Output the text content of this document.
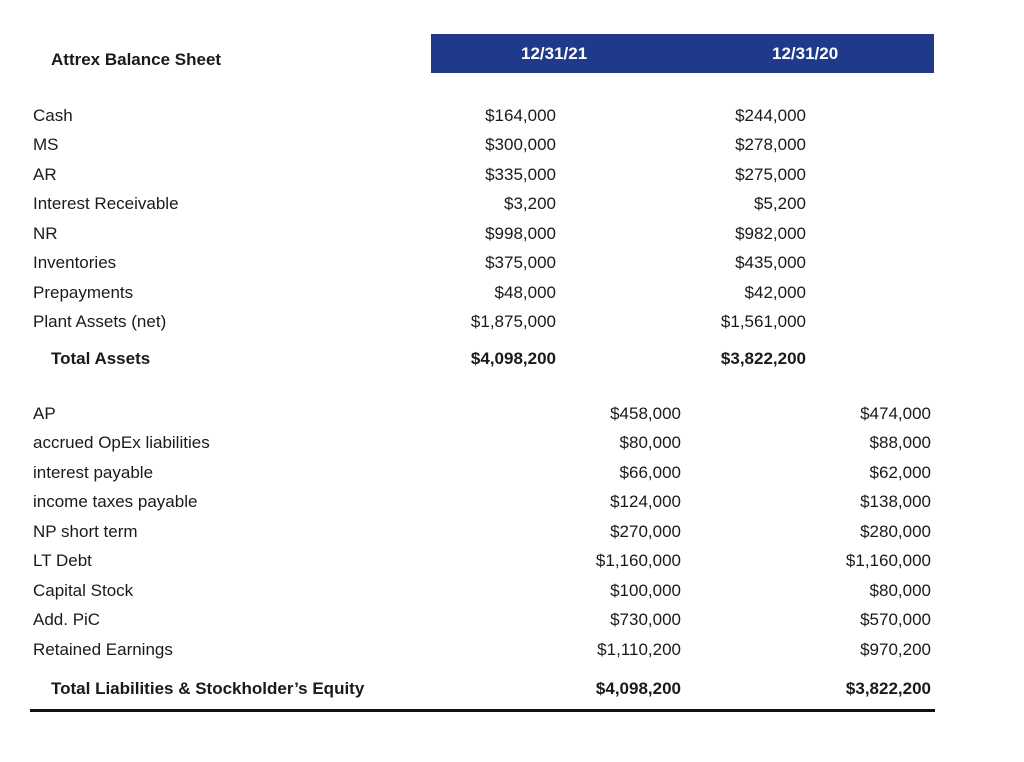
Attrex Balance Sheet	12/31/21	12/31/20
Cash	$164,000	$244,000
MS	$300,000	$278,000
AR	$335,000	$275,000
Interest Receivable	$3,200	$5,200
NR	$998,000	$982,000
Inventories	$375,000	$435,000
Prepayments	$48,000	$42,000
Plant Assets (net)	$1,875,000	$1,561,000
Total Assets	$4,098,200	$3,822,200
AP	$458,000	$474,000
accrued OpEx liabilities	$80,000	$88,000
interest payable	$66,000	$62,000
income taxes payable	$124,000	$138,000
NP short term	$270,000	$280,000
LT Debt	$1,160,000	$1,160,000
Capital Stock	$100,000	$80,000
Add. PiC	$730,000	$570,000
Retained Earnings	$1,110,200	$970,200
Total Liabilities & Stockholder’s Equity	$4,098,200	$3,822,200
